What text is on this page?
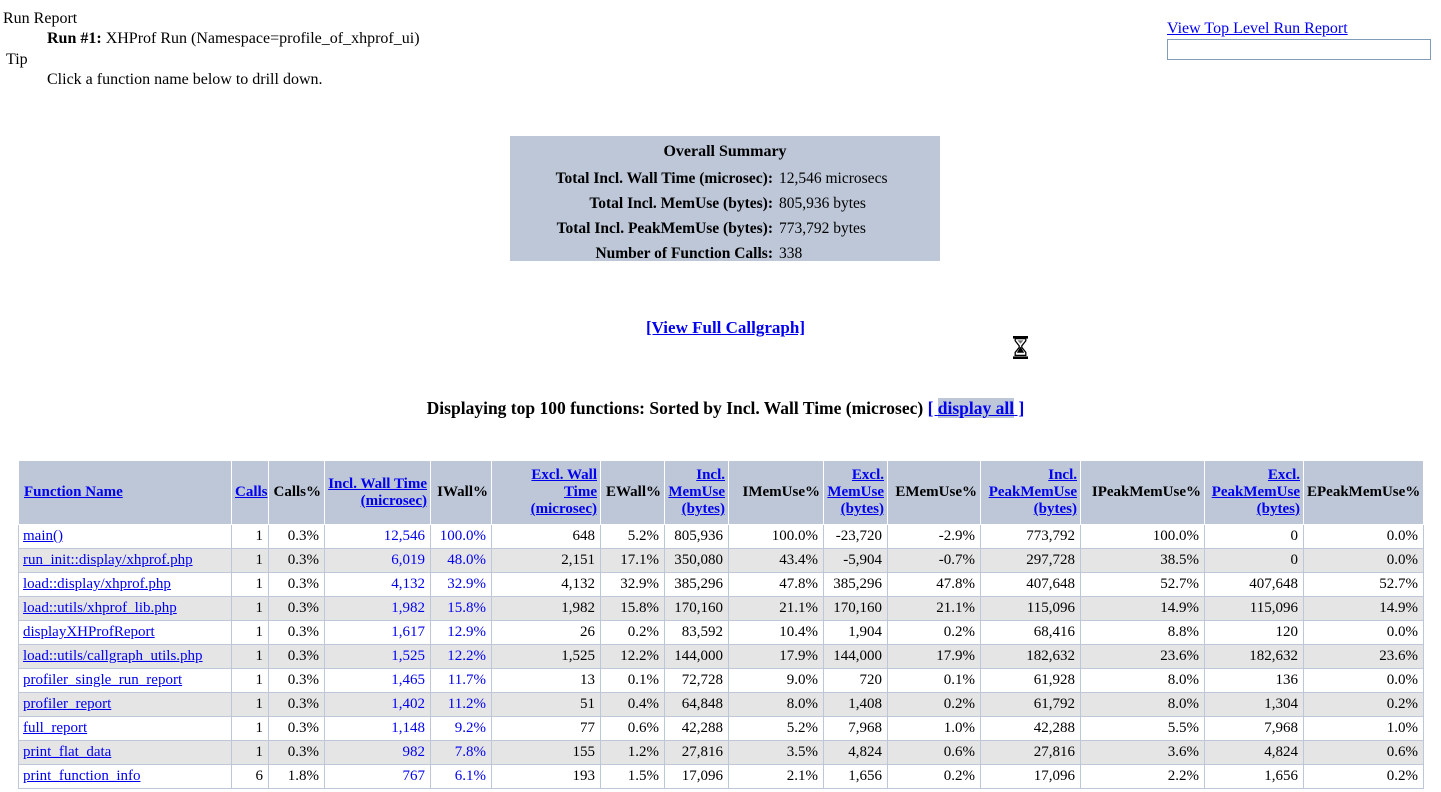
Run Report
Run #1: XHProf Run (Namespace=profile_of_xhprof_ui)
Tip
Click a function name below to drill down.
View Top Level Run Report
Overall Summary
Total Incl. Wall Time (microsec):	12,546 microsecs
Total Incl. MemUse (bytes):	805,936 bytes
Total Incl. PeakMemUse (bytes):	773,792 bytes
Number of Function Calls:	338
[View Full Callgraph]
Displaying top 100 functions: Sorted by Incl. Wall Time (microsec) [ display all ]
Function Name	Calls	Calls%	Incl. Wall Time (microsec)	IWall%	Excl. Wall Time (microsec)	EWall%	Incl. MemUse (bytes)	IMemUse%	Excl. MemUse (bytes)	EMemUse%	Incl. PeakMemUse (bytes)	IPeakMemUse%	Excl. PeakMemUse (bytes)	EPeakMemUse%
main()	1	0.3%	12,546	100.0%	648	5.2%	805,936	100.0%	-23,720	-2.9%	773,792	100.0%	0	0.0%
run_init::display/xhprof.php	1	0.3%	6,019	48.0%	2,151	17.1%	350,080	43.4%	-5,904	-0.7%	297,728	38.5%	0	0.0%
load::display/xhprof.php	1	0.3%	4,132	32.9%	4,132	32.9%	385,296	47.8%	385,296	47.8%	407,648	52.7%	407,648	52.7%
load::utils/xhprof_lib.php	1	0.3%	1,982	15.8%	1,982	15.8%	170,160	21.1%	170,160	21.1%	115,096	14.9%	115,096	14.9%
displayXHProfReport	1	0.3%	1,617	12.9%	26	0.2%	83,592	10.4%	1,904	0.2%	68,416	8.8%	120	0.0%
load::utils/callgraph_utils.php	1	0.3%	1,525	12.2%	1,525	12.2%	144,000	17.9%	144,000	17.9%	182,632	23.6%	182,632	23.6%
profiler_single_run_report	1	0.3%	1,465	11.7%	13	0.1%	72,728	9.0%	720	0.1%	61,928	8.0%	136	0.0%
profiler_report	1	0.3%	1,402	11.2%	51	0.4%	64,848	8.0%	1,408	0.2%	61,792	8.0%	1,304	0.2%
full_report	1	0.3%	1,148	9.2%	77	0.6%	42,288	5.2%	7,968	1.0%	42,288	5.5%	7,968	1.0%
print_flat_data	1	0.3%	982	7.8%	155	1.2%	27,816	3.5%	4,824	0.6%	27,816	3.6%	4,824	0.6%
print_function_info	6	1.8%	767	6.1%	193	1.5%	17,096	2.1%	1,656	0.2%	17,096	2.2%	1,656	0.2%
